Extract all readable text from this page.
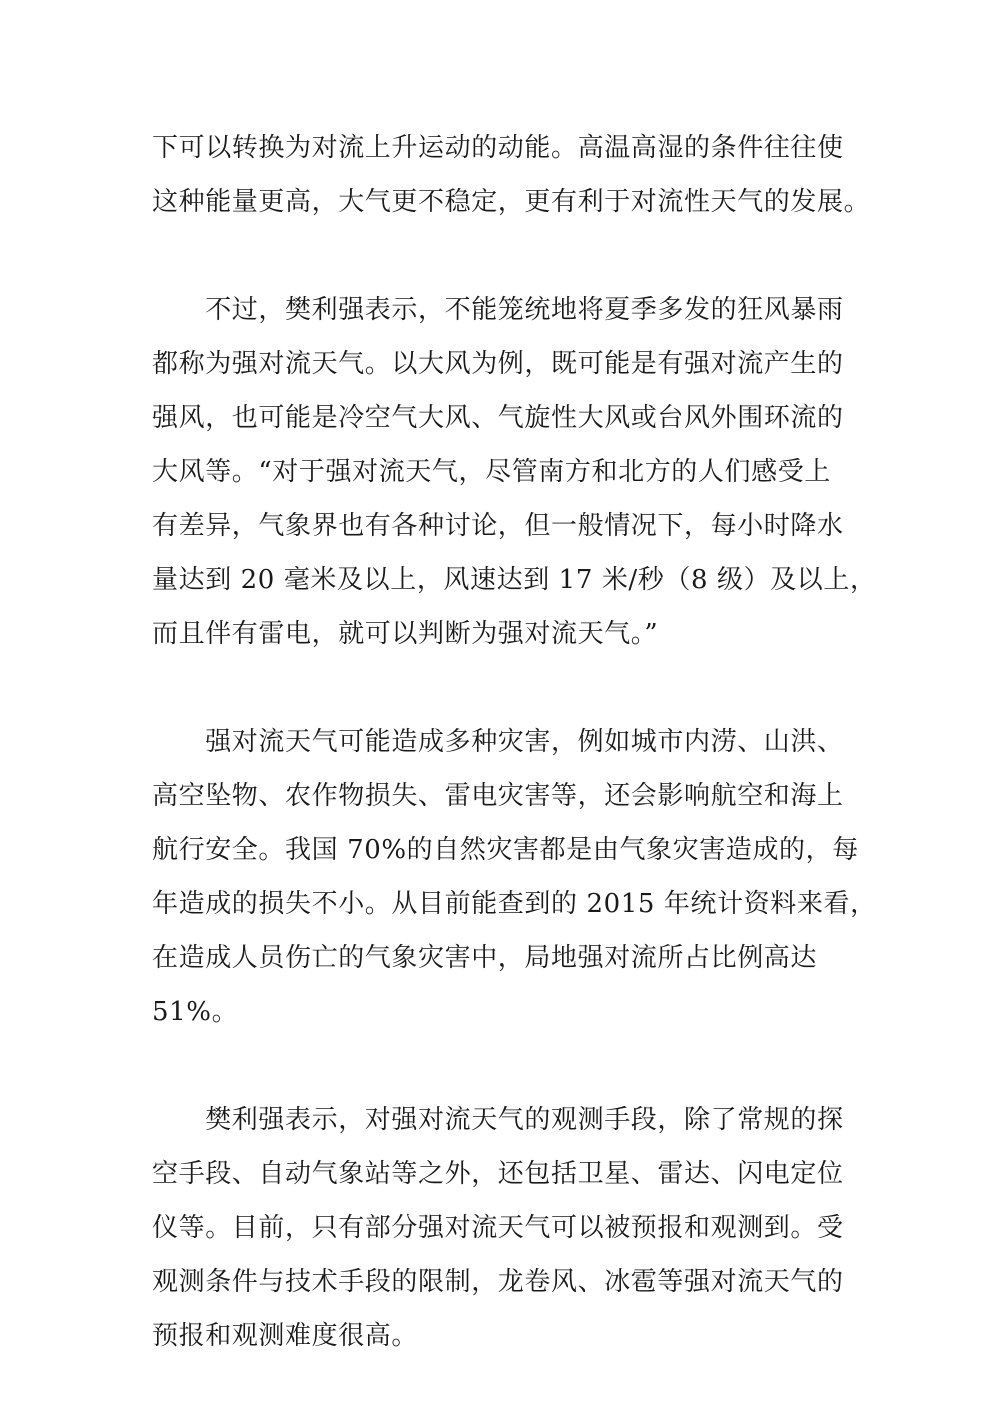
下可以转换为对流上升运动的动能。高温高湿的条件往往使
这种能量更高，大气更不稳定，更有利于对流性天气的发展。
　　不过，樊利强表示，不能笼统地将夏季多发的狂风暴雨
都称为强对流天气。以大风为例，既可能是有强对流产生的
强风，也可能是冷空气大风、气旋性大风或台风外围环流的
大风等。“对于强对流天气，尽管南方和北方的人们感受上
有差异，气象界也有各种讨论，但一般情况下，每小时降水
量达到 20 毫米及以上，风速达到 17 米/秒（8 级）及以上，
而且伴有雷电，就可以判断为强对流天气。”
　　强对流天气可能造成多种灾害，例如城市内涝、山洪、
高空坠物、农作物损失、雷电灾害等，还会影响航空和海上
航行安全。我国 70%的自然灾害都是由气象灾害造成的，每
年造成的损失不小。从目前能查到的 2015 年统计资料来看，
在造成人员伤亡的气象灾害中，局地强对流所占比例高达
51%。
　　樊利强表示，对强对流天气的观测手段，除了常规的探
空手段、自动气象站等之外，还包括卫星、雷达、闪电定位
仪等。目前，只有部分强对流天气可以被预报和观测到。受
观测条件与技术手段的限制，龙卷风、冰雹等强对流天气的
预报和观测难度很高。
